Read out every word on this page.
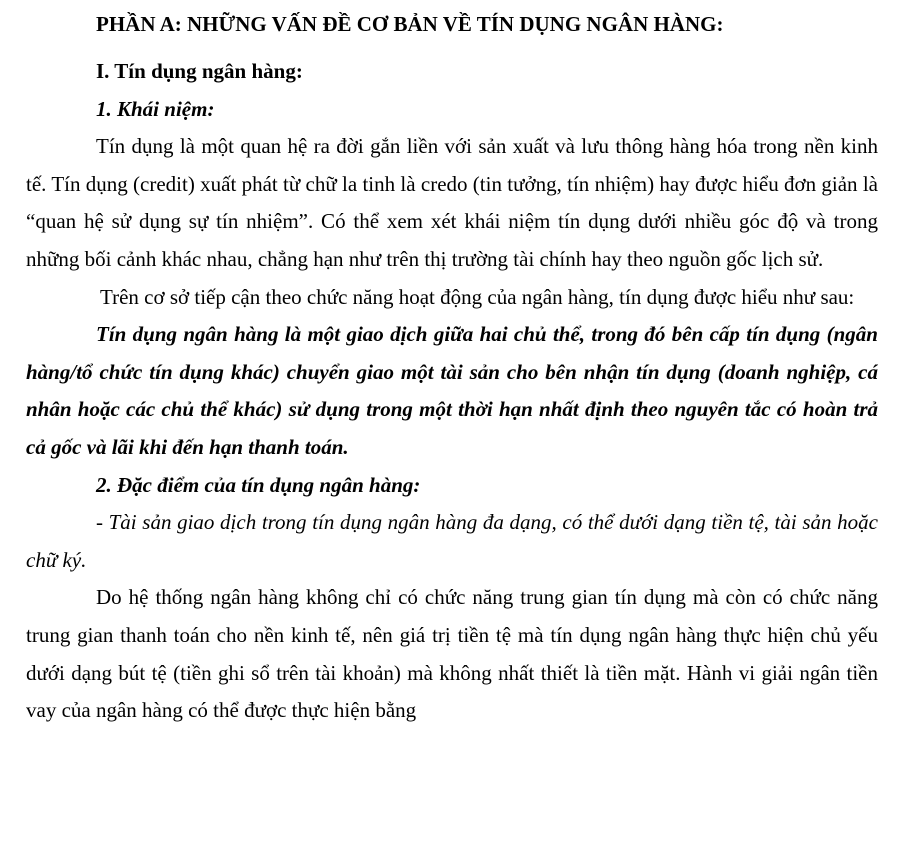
PHẦN A: NHỮNG VẤN ĐỀ CƠ BẢN VỀ TÍN DỤNG NGÂN HÀNG:
I. Tín dụng ngân hàng:
1. Khái niệm:

Tín dụng là một quan hệ ra đời gắn liền với sản xuất và lưu thông hàng hóa trong nền kinh tế. Tín dụng (credit) xuất phát từ chữ la tinh là credo (tin tưởng, tín nhiệm) hay được hiểu đơn giản là “quan hệ sử dụng sự tín nhiệm”. Có thể xem xét khái niệm tín dụng dưới nhiều góc độ và trong những bối cảnh khác nhau, chẳng hạn như trên thị trường tài chính hay theo nguồn gốc lịch sử.

Trên cơ sở tiếp cận theo chức năng hoạt động của ngân hàng, tín dụng được hiểu như sau:

Tín dụng ngân hàng là một giao dịch giữa hai chủ thể, trong đó bên cấp tín dụng (ngân hàng/tổ chức tín dụng khác) chuyển giao một tài sản cho bên nhận tín dụng (doanh nghiệp, cá nhân hoặc các chủ thể khác) sử dụng trong một thời hạn nhất định theo nguyên tắc có hoàn trả cả gốc và lãi khi đến hạn thanh toán.

2. Đặc điểm của tín dụng ngân hàng:

- Tài sản giao dịch trong tín dụng ngân hàng đa dạng, có thể dưới dạng tiền tệ, tài sản hoặc chữ ký.

Do hệ thống ngân hàng không chỉ có chức năng trung gian tín dụng mà còn có chức năng trung gian thanh toán cho nền kinh tế, nên giá trị tiền tệ mà tín dụng ngân hàng thực hiện chủ yếu dưới dạng bút tệ (tiền ghi sổ trên tài khoản) mà không nhất thiết là tiền mặt. Hành vi giải ngân tiền vay của ngân hàng có thể được thực hiện bằng
